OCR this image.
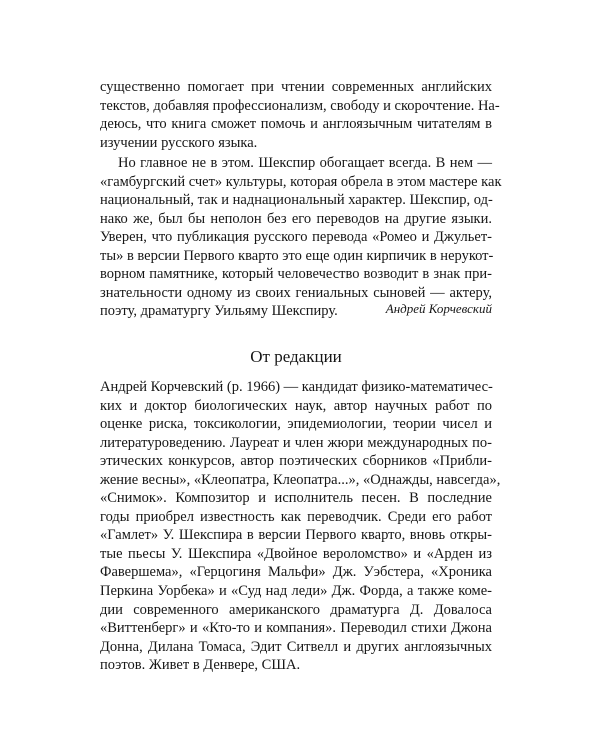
существенно помогает при чтении современных английских
текстов, добавляя профессионализм, свободу и скорочтение. На-
деюсь, что книга сможет помочь и англоязычным читателям в
изучении русского языка.
Но главное не в этом. Шекспир обогащает всегда. В нем —
«гамбургский счет» культуры, которая обрела в этом мастере как
национальный, так и наднациональный характер. Шекспир, од-
нако же, был бы неполон без его переводов на другие языки.
Уверен, что публикация русского перевода «Ромео и Джульет-
ты» в версии Первого кварто это еще один кирпичик в нерукот-
ворном памятнике, который человечество возводит в знак при-
знательности одному из своих гениальных сыновей — актеру,
поэту, драматургу Уильяму Шекспиру.	Андрей Корчевский
От редакции
Андрей Корчевский (р. 1966) — кандидат физико-математичес-
ких и доктор биологических наук, автор научных работ по
оценке риска, токсикологии, эпидемиологии, теории чисел и
литературоведению. Лауреат и член жюри международных по-
этических конкурсов, автор поэтических сборников «Прибли-
жение весны», «Клеопатра, Клеопатра...», «Однажды, навсегда»,
«Снимок». Композитор и исполнитель песен. В последние
годы приобрел известность как переводчик. Среди его работ
«Гамлет» У. Шекспира в версии Первого кварто, вновь откры-
тые пьесы У. Шекспира «Двойное вероломство» и «Арден из
Фавершема», «Герцогиня Мальфи» Дж. Уэбстера, «Хроника
Перкина Уорбека» и «Суд над леди» Дж. Форда, а также коме-
дии современного американского драматурга Д. Довалоса
«Виттенберг» и «Кто-то и компания». Переводил стихи Джона
Донна, Дилана Томаса, Эдит Ситвелл и других англоязычных
поэтов. Живет в Денвере, США.
